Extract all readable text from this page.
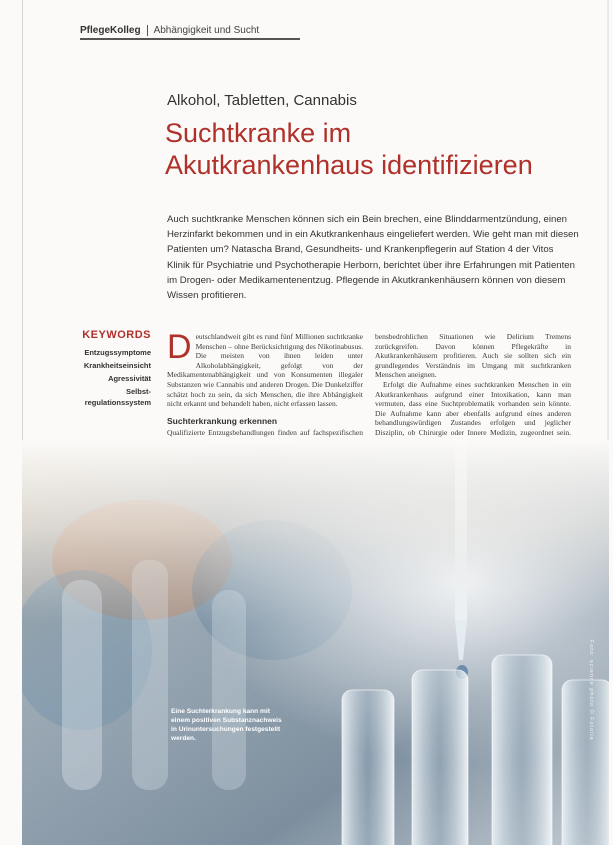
PflegeKolleg Abhängigkeit und Sucht
Alkohol, Tabletten, Cannabis
Suchtkranke im
Akutkrankenhaus identifizieren

Auch suchtkranke Menschen können sich ein Bein brechen, eine Blinddarmentzündung, einen Herzinfarkt bekommen und in ein Akutkrankenhaus eingeliefert werden. Wie geht man mit diesen Patienten um? Natascha Brand, Gesundheits- und Krankenpflegerin auf Station 4 der Vitos Klinik für Psychiatrie und Psychotherapie Herborn, berichtet über ihre Erfahrungen mit Patienten im Drogen- oder Medikamentenentzug. Pflegende in Akutkrankenhäusern können von diesem Wissen profitieren.

KEYWORDS
Entzugssymptome
Krankheitseinsicht
Agressivität
Selbst-regulationssystem

D eutschlandweit gibt es rund fünf Millionen suchtkranke Menschen – ohne Berücksichtigung des Nikotinabusus. Die meisten von ihnen leiden unter Alkoholabhängigkeit, gefolgt von der Medikamentenabhängigkeit und von Konsumenten illegaler Substanzen wie Cannabis und anderen Drogen. Die Dunkelziffer schätzt hoch zu sein, da sich Menschen, die ihre Abhängigkeit nicht erkannt und behandelt haben, nicht erfassen lassen.

Suchterkrankung erkennen

Qualifizierte Entzugsbehandlungen finden auf fachspezifischen

bensbedrohlichen Situationen wie Delirium Tremens zurückgreifen. Davon können Pflegekräfte in Akutkrankenhäusern profitieren. Auch sie sollten sich ein grundlegendes Verständnis im Umgang mit suchtkranken Menschen aneignen.

Erfolgt die Aufnahme eines suchtkranken Menschen in ein Akutkrankenhaus aufgrund einer Intoxikation, kann man vermuten, dass eine Suchtproblematik vorhanden sein könnte. Die Aufnahme kann aber ebenfalls aufgrund eines anderen behandlungswürdigen Zustandes erfolgen und jeglicher Disziplin, ob Chirurgie oder Innere Medizin, zugeordnet sein.

Eine Suchterkrankung kann mit einem positiven Substanznachweis in Urinuntersuchungen festgestellt werden.	Foto: science photo © Fotolia
